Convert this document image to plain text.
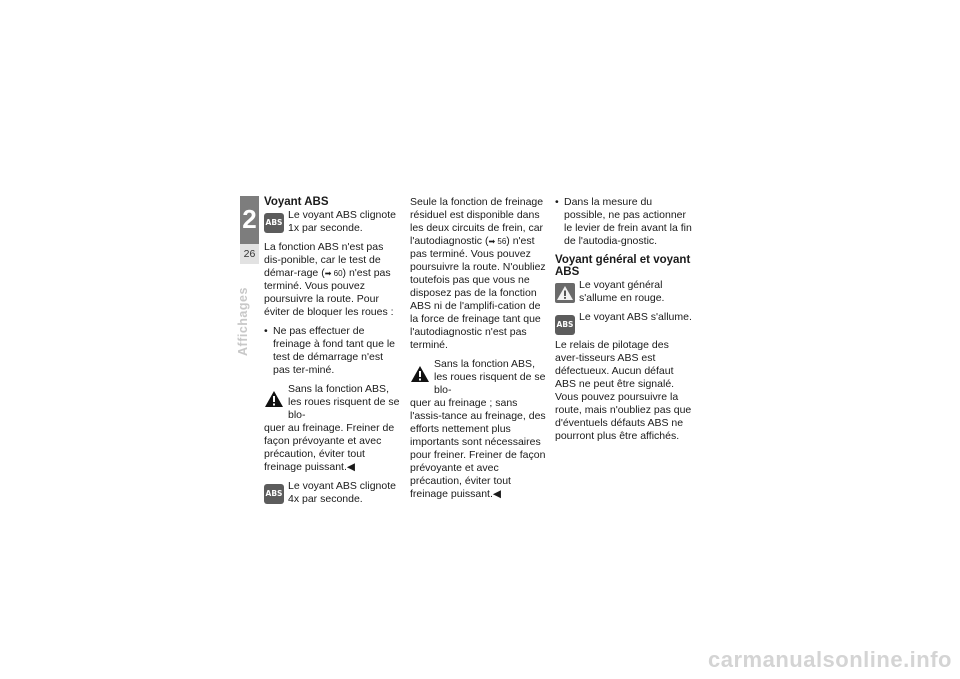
2
26
Affichages
Voyant ABS
ABS
Le voyant ABS clignote 1x par seconde.

La fonction ABS n'est pas dis-ponible, car le test de démar-rage (➡ 60) n'est pas terminé. Vous pouvez poursuivre la route. Pour éviter de bloquer les roues :

• Ne pas effectuer de freinage à fond tant que le test de démarrage n'est pas ter-miné.

Sans la fonction ABS, les roues risquent de se blo-
quer au freinage. Freiner de façon prévoyante et avec précaution, éviter tout freinage puissant.◀
ABS
Le voyant ABS clignote 4x par seconde.

Seule la fonction de freinage résiduel est disponible dans les deux circuits de frein, car l'autodiagnostic (➡ 56) n'est pas terminé. Vous pouvez poursuivre la route. N'oubliez toutefois pas que vous ne disposez pas de la fonction ABS ni de l'amplifi-cation de la force de freinage tant que l'autodiagnostic n'est pas terminé.

Sans la fonction ABS, les roues risquent de se blo-
quer au freinage ; sans l'assis-tance au freinage, des efforts nettement plus importants sont nécessaires pour freiner. Freiner de façon prévoyante et avec précaution, éviter tout freinage puissant.◀

• Dans la mesure du possible, ne pas actionner le levier de frein avant la fin de l'autodia-gnostic.

Voyant général et voyant ABS
Le voyant général s'allume en rouge.
ABS
Le voyant ABS s'allume.

Le relais de pilotage des aver-tisseurs ABS est défectueux. Aucun défaut ABS ne peut être signalé. Vous pouvez poursuivre la route, mais n'oubliez pas que d'éventuels défauts ABS ne pourront plus être affichés.

carmanualsonline.info
